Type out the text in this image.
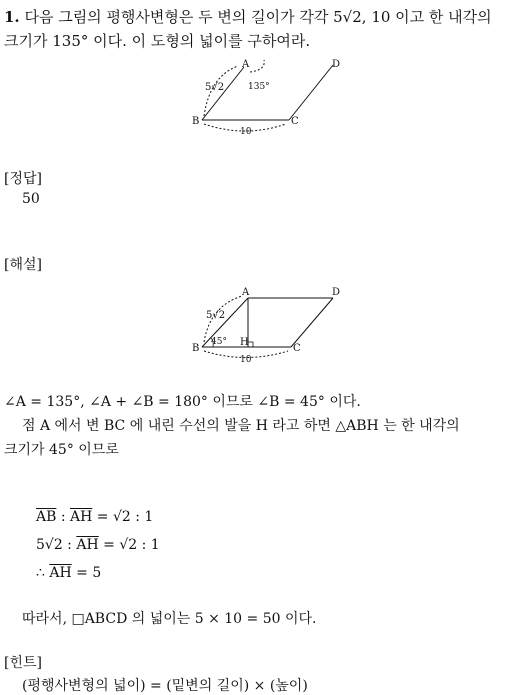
1. 다음 그림의 평행사변형은 두 변의 길이가 각각 5√2, 10 이고 한 내각의
크기가 135° 이다. 이 도형의 넓이를 구하여라.
A
B	C
D
5√2	135°
10
[정답]
50
[해설]
A
B	C
D
H
5√2
45°
10
∠A = 135°, ∠A + ∠B = 180° 이므로 ∠B = 45° 이다.
점 A 에서 변 BC 에 내린 수선의 발을 H 라고 하면 △ABH 는 한 내각의
크기가 45° 이므로
$\overline{AB}$ : $\overline{AH} = √2$ : 1
5√2 : $\overline{AH} = √2$ : 1
∴ $\overline{AH} = 5$
따라서, □ABCD 의 넓이는 5 × 10 = 50 이다.
[힌트]
(평행사변형의 넓이) = (밑변의 길이) × (높이)
